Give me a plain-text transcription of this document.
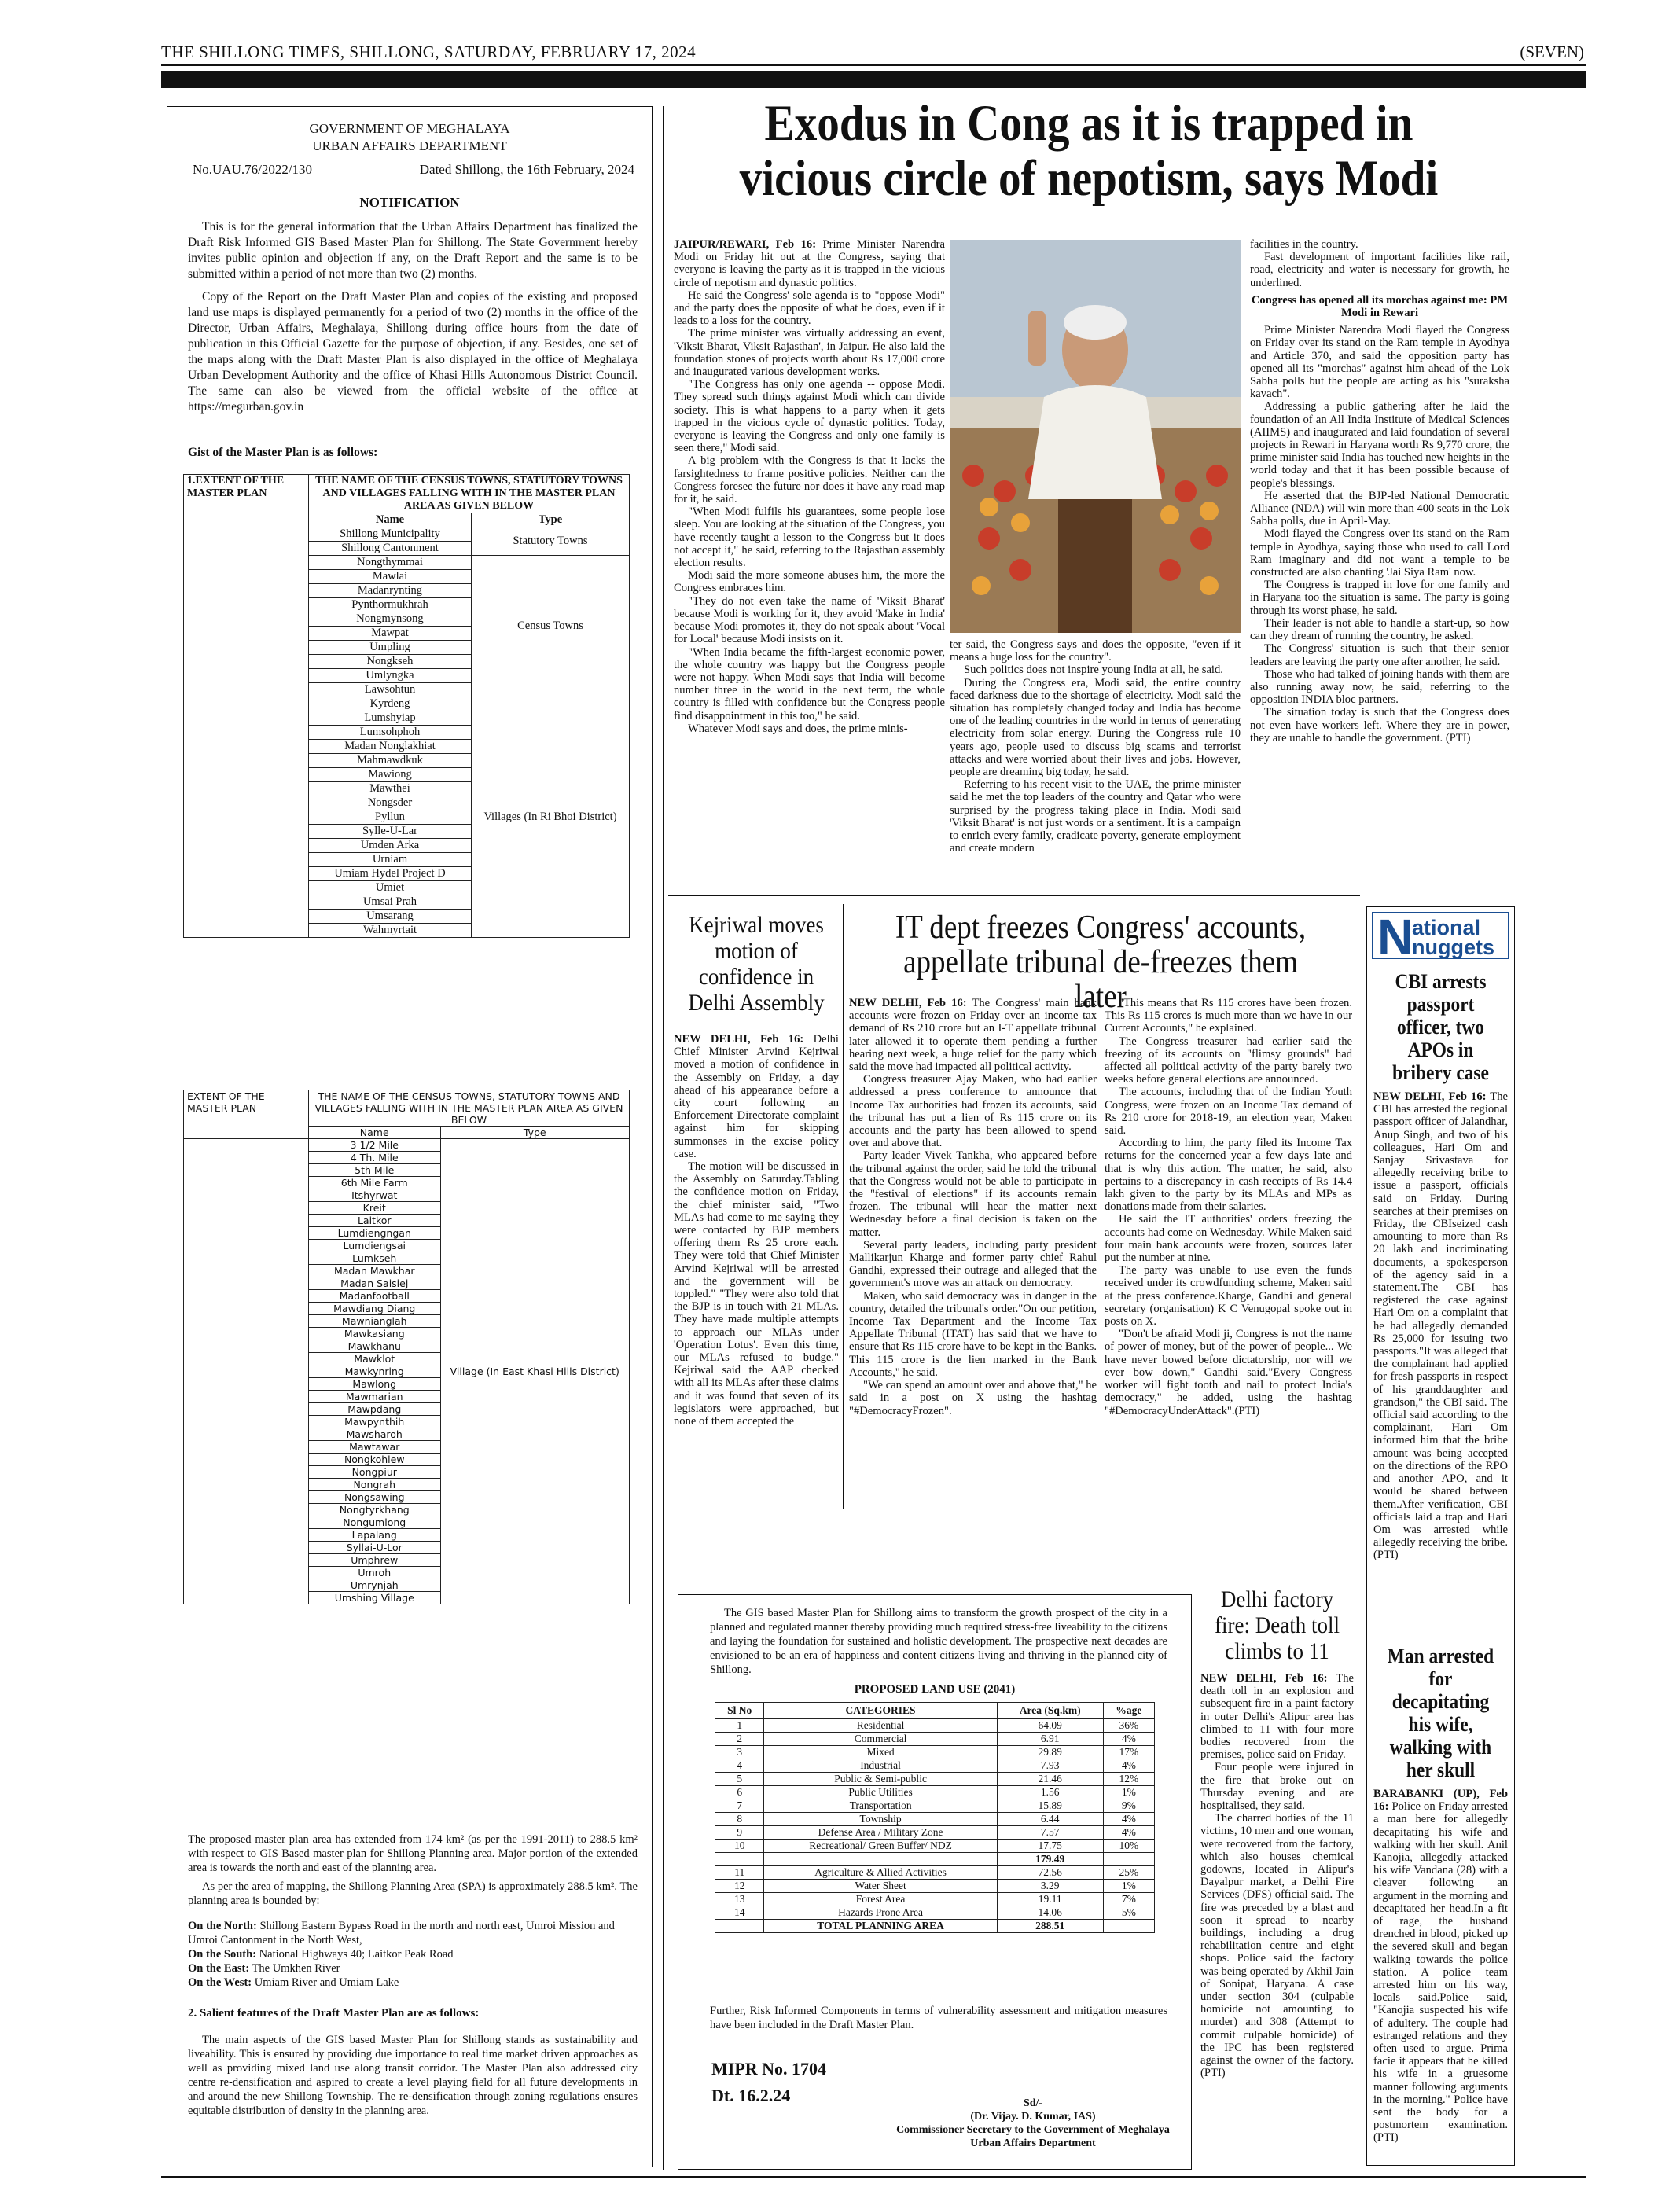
THE SHILLONG TIMES, SHILLONG, SATURDAY, FEBRUARY 17, 2024	(SEVEN)
GOVERNMENT OF MEGHALAYA
URBAN AFFAIRS DEPARTMENT
No.UAU.76/2022/130	Dated Shillong, the 16th February, 2024
NOTIFICATION
This is for the general information that the Urban Affairs Department has finalized the Draft Risk Informed GIS Based Master Plan for Shillong. The State Government hereby invites public opinion and objection if any, on the Draft Report and the same is to be submitted within a period of not more than two (2) months.
Copy of the Report on the Draft Master Plan and copies of the existing and proposed land use maps is displayed permanently for a period of two (2) months in the office of the Director, Urban Affairs, Meghalaya, Shillong during office hours from the date of publication in this Official Gazette for the purpose of objection, if any. Besides, one set of the maps along with the Draft Master Plan is also displayed in the office of Meghalaya Urban Development Authority and the office of Khasi Hills Autonomous District Council. The same can also be viewed from the official website of the office at https://megurban.gov.in
Gist of the Master Plan is as follows:
1.EXTENT OF THE MASTER PLAN	THE NAME OF THE CENSUS TOWNS, STATUTORY TOWNS AND VILLAGES FALLING WITH IN THE MASTER PLAN AREA AS GIVEN BELOW	
	Name	Type
	Shillong Municipality	Statutory Towns
	Shillong Cantonment	
	Nongthymmai	Census Towns
	Mawlai	
	Madanrynting	
	Pynthormukhrah	
	Nongmynsong	
	Mawpat	
	Umpling	
	Nongkseh	
	Umlyngka	
	Lawsohtun	
	Kyrdeng	Villages (In Ri Bhoi District)
	Lumshyiap	
	Lumsohphoh	
	Madan Nonglakhiat	
	Mahmawdkuk	
	Mawiong	
	Mawthei	
	Nongsder	
	Pyllun	
	Sylle-U-Lar	
	Umden Arka	
	Urniam	
	Umiam Hydel Project D	
	Umiet	
	Umsai Prah	
	Umsarang	
	Wahmyrtait	
EXTENT OF THE MASTER PLAN	THE NAME OF THE CENSUS TOWNS, STATUTORY TOWNS AND VILLAGES FALLING WITH IN THE MASTER PLAN AREA AS GIVEN BELOW	
	Name	Type
	3 1/2 Mile	Village (In East Khasi Hills District)
	4 Th. Mile	
	5th Mile	
	6th Mile Farm	
	Itshyrwat	
	Kreit	
	Laitkor	
	Lumdiengngan	
	Lumdiengsai	
	Lumkseh	
	Madan Mawkhar	
	Madan Saisiej	
	Madanfootball	
	Mawdiang Diang	
	Mawnianglah	
	Mawkasiang	
	Mawkhanu	
	Mawklot	
	Mawkynring	
	Mawlong	
	Mawmarian	
	Mawpdang	
	Mawpynthih	
	Mawsharoh	
	Mawtawar	
	Nongkohlew	
	Nongpiur	
	Nongrah	
	Nongsawing	
	Nongtyrkhang	
	Nongumlong	
	Lapalang	
	Syllai-U-Lor	
	Umphrew	
	Umroh	
	Umrynjah	
	Umshing Village	
The proposed master plan area has extended from 174 km² (as per the 1991-2011) to 288.5 km² with respect to GIS Based master plan for Shillong Planning area. Major portion of the extended area is towards the north and east of the planning area.
As per the area of mapping, the Shillong Planning Area (SPA) is approximately 288.5 km². The planning area is bounded by:
On the North: Shillong Eastern Bypass Road in the north and north east, Umroi Mission and Umroi Cantonment in the North West,
On the South: National Highways 40; Laitkor Peak Road
On the East: The Umkhen River
On the West: Umiam River and Umiam Lake
2. Salient features of the Draft Master Plan are as follows:
The main aspects of the GIS based Master Plan for Shillong stands as sustainability and liveability. This is ensured by providing due importance to real time market driven approaches as well as providing mixed land use along transit corridor. The Master Plan also addressed city centre re-densification and aspired to create a level playing field for all future developments in and around the new Shillong Township. The re-densification through zoning regulations ensures equitable distribution of density in the planning area.
Exodus in Cong as it is trapped in
vicious circle of nepotism, says Modi
JAIPUR/REWARI, Feb 16: Prime Minister Narendra Modi on Friday hit out at the Congress, saying that everyone is leaving the party as it is trapped in the vicious circle of nepotism and dynastic politics.
He said the Congress' sole agenda is to "oppose Modi" and the party does the opposite of what he does, even if it leads to a loss for the country.
The prime minister was virtually addressing an event, 'Viksit Bharat, Viksit Rajasthan', in Jaipur. He also laid the foundation stones of projects worth about Rs 17,000 crore and inaugurated various development works.
"The Congress has only one agenda -- oppose Modi. They spread such things against Modi which can divide society. This is what happens to a party when it gets trapped in the vicious cycle of dynastic politics. Today, everyone is leaving the Congress and only one family is seen there," Modi said.
A big problem with the Congress is that it lacks the farsightedness to frame positive policies. Neither can the Congress foresee the future nor does it have any road map for it, he said.
"When Modi fulfils his guarantees, some people lose sleep. You are looking at the situation of the Congress, you have recently taught a lesson to the Congress but it does not accept it," he said, referring to the Rajasthan assembly election results.
Modi said the more someone abuses him, the more the Congress embraces him.
"They do not even take the name of 'Viksit Bharat' because Modi is working for it, they avoid 'Make in India' because Modi promotes it, they do not speak about 'Vocal for Local' because Modi insists on it.
"When India became the fifth-largest economic power, the whole country was happy but the Congress people were not happy. When Modi says that India will become number three in the world in the next term, the whole country is filled with confidence but the Congress people find disappointment in this too," he said.
Whatever Modi says and does, the prime minis-
ter said, the Congress says and does the opposite, "even if it means a huge loss for the country".
Such politics does not inspire young India at all, he said.
During the Congress era, Modi said, the entire country faced darkness due to the shortage of electricity. Modi said the situation has completely changed today and India has become one of the leading countries in the world in terms of generating electricity from solar energy. During the Congress rule 10 years ago, people used to discuss big scams and terrorist attacks and were worried about their lives and jobs. However, people are dreaming big today, he said.
Referring to his recent visit to the UAE, the prime minister said he met the top leaders of the country and Qatar who were surprised by the progress taking place in India. Modi said 'Viksit Bharat' is not just words or a sentiment. It is a campaign to enrich every family, eradicate poverty, generate employment and create modern
facilities in the country.
Fast development of important facilities like rail, road, electricity and water is necessary for growth, he underlined.
Congress has opened all its morchas against me: PM Modi in Rewari
Prime Minister Narendra Modi flayed the Congress on Friday over its stand on the Ram temple in Ayodhya and Article 370, and said the opposition party has opened all its "morchas" against him ahead of the Lok Sabha polls but the people are acting as his "suraksha kavach".
Addressing a public gathering after he laid the foundation of an All India Institute of Medical Sciences (AIIMS) and inaugurated and laid foundation of several projects in Rewari in Haryana worth Rs 9,770 crore, the prime minister said India has touched new heights in the world today and that it has been possible because of people's blessings.
He asserted that the BJP-led National Democratic Alliance (NDA) will win more than 400 seats in the Lok Sabha polls, due in April-May.
Modi flayed the Congress over its stand on the Ram temple in Ayodhya, saying those who used to call Lord Ram imaginary and did not want a temple to be constructed are also chanting 'Jai Siya Ram' now.
The Congress is trapped in love for one family and in Haryana too the situation is same. The party is going through its worst phase, he said.
Their leader is not able to handle a start-up, so how can they dream of running the country, he asked.
The Congress' situation is such that their senior leaders are leaving the party one after another, he said.
Those who had talked of joining hands with them are also running away now, he said, referring to the opposition INDIA bloc partners.
The situation today is such that the Congress does not even have workers left. Where they are in power, they are unable to handle the government. (PTI)
Kejriwal moves motion of confidence in Delhi Assembly
NEW DELHI, Feb 16: Delhi Chief Minister Arvind Kejriwal moved a motion of confidence in the Assembly on Friday, a day ahead of his appearance before a city court following an Enforcement Directorate complaint against him for skipping summonses in the excise policy case.
The motion will be discussed in the Assembly on Saturday.Tabling the confidence motion on Friday, the chief minister said, "Two MLAs had come to me saying they were contacted by BJP members offering them Rs 25 crore each. They were told that Chief Minister Arvind Kejriwal will be arrested and the government will be toppled." "They were also told that the BJP is in touch with 21 MLAs. They have made multiple attempts to approach our MLAs under 'Operation Lotus'. Even this time, our MLAs refused to budge." Kejriwal said the AAP checked with all its MLAs after these claims and it was found that seven of its legislators were approached, but none of them accepted the
IT dept freezes Congress' accounts,
appellate tribunal de-freezes them later
NEW DELHI, Feb 16: The Congress' main bank accounts were frozen on Friday over an income tax demand of Rs 210 crore but an I-T appellate tribunal later allowed it to operate them pending a further hearing next week, a huge relief for the party which said the move had impacted all political activity.
Congress treasurer Ajay Maken, who had earlier addressed a press conference to announce that Income Tax authorities had frozen its accounts, said the tribunal has put a lien of Rs 115 crore on its accounts and the party has been allowed to spend over and above that.
Party leader Vivek Tankha, who appeared before the tribunal against the order, said he told the tribunal that the Congress would not be able to participate in the "festival of elections" if its accounts remain frozen. The tribunal will hear the matter next Wednesday before a final decision is taken on the matter.
Several party leaders, including party president Mallikarjun Kharge and former party chief Rahul Gandhi, expressed their outrage and alleged that the government's move was an attack on democracy.
Maken, who said democracy was in danger in the country, detailed the tribunal's order."On our petition, Income Tax Department and the Income Tax Appellate Tribunal (ITAT) has said that we have to ensure that Rs 115 crore have to be kept in the Banks. This 115 crore is the lien marked in the Bank Accounts," he said.
"We can spend an amount over and above that," he said in a post on X using the hashtag "#DemocracyFrozen".
"This means that Rs 115 crores have been frozen. This Rs 115 crores is much more than we have in our Current Accounts," he explained.
The Congress treasurer had earlier said the freezing of its accounts on "flimsy grounds" had affected all political activity of the party barely two weeks before general elections are announced.
The accounts, including that of the Indian Youth Congress, were frozen on an Income Tax demand of Rs 210 crore for 2018-19, an election year, Maken said.
According to him, the party filed its Income Tax returns for the concerned year a few days late and that is why this action. The matter, he said, also pertains to a discrepancy in cash receipts of Rs 14.4 lakh given to the party by its MLAs and MPs as donations made from their salaries.
He said the IT authorities' orders freezing the accounts had come on Wednesday. While Maken said four main bank accounts were frozen, sources later put the number at nine.
The party was unable to use even the funds received under its crowdfunding scheme, Maken said at the press conference.Kharge, Gandhi and general secretary (organisation) K C Venugopal spoke out in posts on X.
"Don't be afraid Modi ji, Congress is not the name of power of money, but of the power of people... We have never bowed before dictatorship, nor will we ever bow down," Gandhi said."Every Congress worker will fight tooth and nail to protect India's democracy," he added, using the hashtag "#DemocracyUnderAttack".(PTI)
The GIS based Master Plan for Shillong aims to transform the growth prospect of the city in a planned and regulated manner thereby providing much required stress-free liveability to the citizens and laying the foundation for sustained and holistic development. The prospective next decades are envisioned to be an era of happiness and content citizens living and thriving in the planned city of Shillong.
PROPOSED LAND USE (2041)
Sl No	CATEGORIES	Area (Sq.km)	%age
1	Residential	64.09	36%
2	Commercial	6.91	4%
3	Mixed	29.89	17%
4	Industrial	7.93	4%
5	Public & Semi-public	21.46	12%
6	Public Utilities	1.56	1%
7	Transportation	15.89	9%
8	Township	6.44	4%
9	Defense Area / Military Zone	7.57	4%
10	Recreational/ Green Buffer/ NDZ	17.75	10%
		179.49	
11	Agriculture & Allied Activities	72.56	25%
12	Water Sheet	3.29	1%
13	Forest Area	19.11	7%
14	Hazards Prone Area	14.06	5%
	TOTAL PLANNING AREA	288.51	
Further, Risk Informed Components in terms of vulnerability assessment and mitigation measures have been included in the Draft Master Plan.
MIPR No. 1704
Dt. 16.2.24	Sd/-
(Dr. Vijay. D. Kumar, IAS)
Commissioner Secretary to the Government of Meghalaya
Urban Affairs Department
Delhi factory fire: Death toll climbs to 11
NEW DELHI, Feb 16: The death toll in an explosion and subsequent fire in a paint factory in outer Delhi's Alipur area has climbed to 11 with four more bodies recovered from the premises, police said on Friday.
Four people were injured in the fire that broke out on Thursday evening and are hospitalised, they said.
The charred bodies of the 11 victims, 10 men and one woman, were recovered from the factory, which also houses chemical godowns, located in Alipur's Dayalpur market, a Delhi Fire Services (DFS) official said. The fire was preceded by a blast and soon it spread to nearby buildings, including a drug rehabilitation centre and eight shops. Police said the factory was being operated by Akhil Jain of Sonipat, Haryana. A case under section 304 (culpable homicide not amounting to murder) and 308 (Attempt to commit culpable homicide) of the IPC has been registered against the owner of the factory. (PTI)
N
ational
nuggets
CBI arrests passport officer, two APOs in bribery case
NEW DELHI, Feb 16: The CBI has arrested the regional passport officer of Jalandhar, Anup Singh, and two of his colleagues, Hari Om and Sanjay Srivastava for allegedly receiving bribe to issue a passport, officials said on Friday. During searches at their premises on Friday, the CBIseized cash amounting to more than Rs 20 lakh and incriminating documents, a spokesperson of the agency said in a statement.The CBI has registered the case against Hari Om on a complaint that he had allegedly demanded Rs 25,000 for issuing two passports."It was alleged that the complainant had applied for fresh passports in respect of his granddaughter and grandson," the CBI said. The official said according to the complainant, Hari Om informed him that the bribe amount was being accepted on the directions of the RPO and another APO, and it would be shared between them.After verification, CBI officials laid a trap and Hari Om was arrested while allegedly receiving the bribe. (PTI)
Man arrested for decapitating his wife, walking with her skull
BARABANKI (UP), Feb 16: Police on Friday arrested a man here for allegedly decapitating his wife and walking with her skull. Anil Kanojia, allegedly attacked his wife Vandana (28) with a cleaver following an argument in the morning and decapitated her head.In a fit of rage, the husband drenched in blood, picked up the severed skull and began walking towards the police station. A police team arrested him on his way, locals said.Police said, "Kanojia suspected his wife of adultery. The couple had estranged relations and they often used to argue. Prima facie it appears that he killed his wife in a gruesome manner following arguments in the morning." Police have sent the body for a postmortem examination. (PTI)
